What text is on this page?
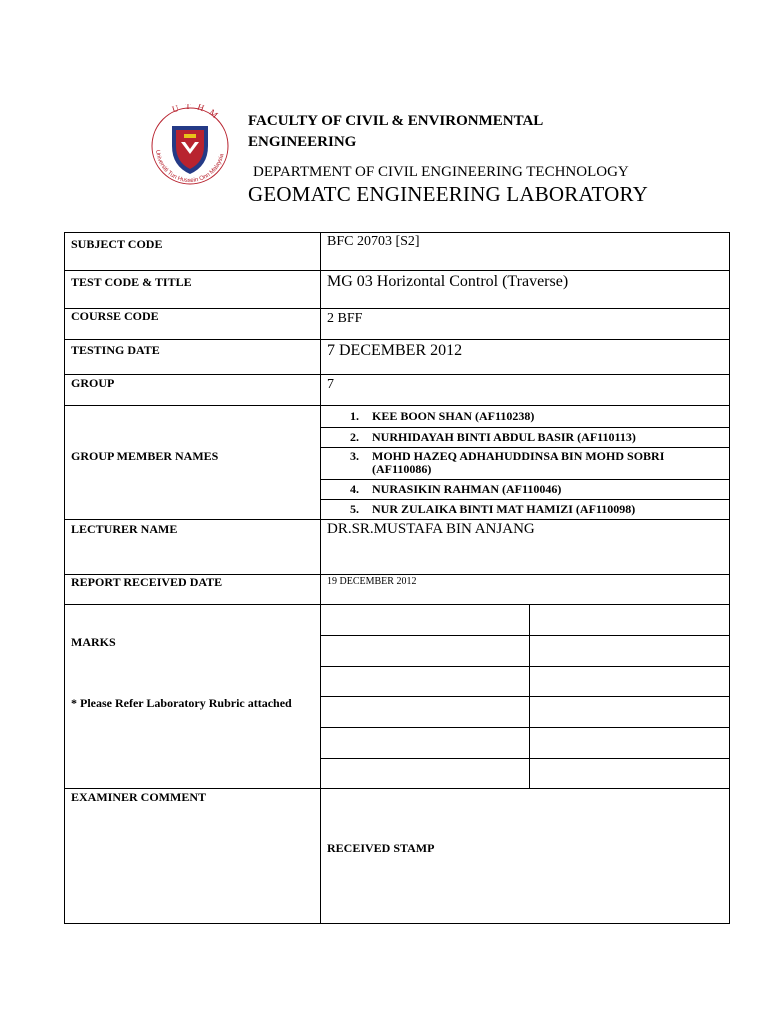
UTHM
Universiti Tun Hussein Onn Malaysia
FACULTY OF CIVIL & ENVIRONMENTAL
ENGINEERING
DEPARTMENT OF CIVIL ENGINEERING TECHNOLOGY
GEOMATC ENGINEERING LABORATORY
SUBJECT CODE
TEST CODE & TITLE
COURSE CODE
TESTING DATE
GROUP
GROUP MEMBER NAMES
LECTURER NAME
REPORT RECEIVED DATE
MARKS
* Please Refer Laboratory Rubric attached
EXAMINER COMMENT
BFC 20703 [S2]
MG 03 Horizontal Control (Traverse)
2 BFF
7 DECEMBER 2012
7
DR.SR.MUSTAFA BIN ANJANG
19 DECEMBER 2012
RECEIVED STAMP
1. KEE BOON SHAN (AF110238)
2. NURHIDAYAH BINTI ABDUL BASIR (AF110113)
3. MOHD HAZEQ ADHAHUDDINSA BIN MOHD SOBRI
(AF110086)
4. NURASIKIN RAHMAN (AF110046)
5. NUR ZULAIKA BINTI MAT HAMIZI (AF110098)
